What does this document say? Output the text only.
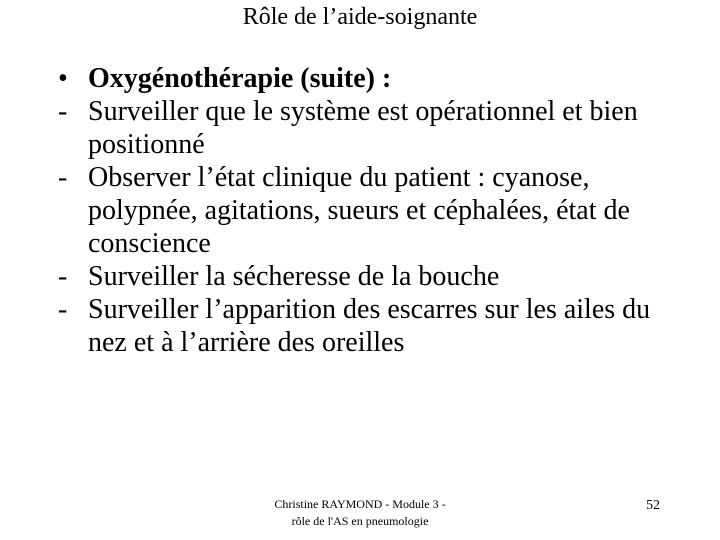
Rôle de l’aide-soignante
• Oxygénothérapie (suite) :
- Surveiller que le système est opérationnel et bien positionné
- Observer l’état clinique du patient : cyanose, polypnée, agitations, sueurs et céphalées, état de conscience
- Surveiller la sécheresse de la bouche
- Surveiller l’apparition des escarres sur les ailes du nez et à l’arrière des oreilles
Christine RAYMOND - Module 3 -
rôle de l'AS en pneumologie
52
